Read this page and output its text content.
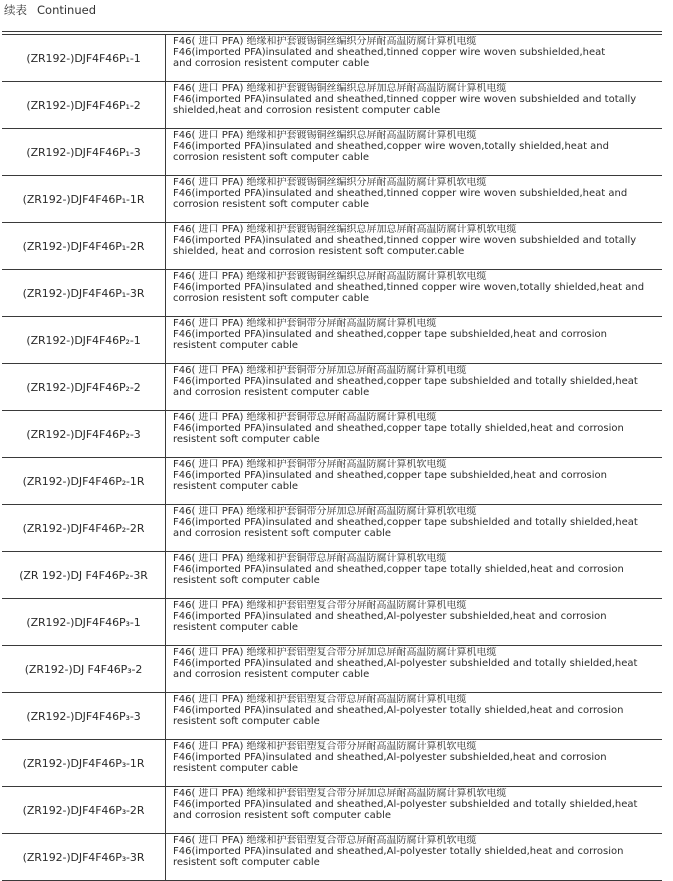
续表 Continued
(ZR192-)DJF4F46P₁-1	F46( 进口 PFA) 绝缘和护套镀锡铜丝编织分屏耐高温防腐计算机电缆
F46(imported PFA)insulated and sheathed,tinned copper wire woven subshielded,heat
and corrosion resistent computer cable

(ZR192-)DJF4F46P₁-2	F46( 进口 PFA) 绝缘和护套镀锡铜丝编织总屏加总屏耐高温防腐计算机电缆
F46(imported PFA)insulated and sheathed,tinned copper wire woven subshielded and totally
shielded,heat and corrosion resistent computer cable

(ZR192-)DJF4F46P₁-3	F46( 进口 PFA) 绝缘和护套镀锡铜丝编织总屏耐高温防腐计算机电缆
F46(imported PFA)insulated and sheathed,copper wire woven,totally shielded,heat and
corrosion resistent soft computer cable

(ZR192-)DJF4F46P₁-1R	F46( 进口 PFA) 绝缘和护套镀锡铜丝编织分屏耐高温防腐计算机软电缆
F46(imported PFA)insulated and sheathed,tinned copper wire woven subshielded,heat and
corrosion resistent soft computer cable

(ZR192-)DJF4F46P₁-2R	F46( 进口 PFA) 绝缘和护套镀锡铜丝编织总屏加总屏耐高温防腐计算机软电缆
F46(imported PFA)insulated and sheathed,tinned copper wire woven subshielded and totally
shielded, heat and corrosion resistent soft computer.cable

(ZR192-)DJF4F46P₁-3R	F46( 进口 PFA) 绝缘和护套镀锡铜丝编织总屏耐高温防腐计算机软电缆
F46(imported PFA)insulated and sheathed,tinned copper wire woven,totally shielded,heat and
corrosion resistent soft computer cable

(ZR192-)DJF4F46P₂-1	F46( 进口 PFA) 绝缘和护套铜带分屏耐高温防腐计算机电缆
F46(imported PFA)insulated and sheathed,copper tape subshielded,heat and corrosion
resistent computer cable

(ZR192-)DJF4F46P₂-2	F46( 进口 PFA) 绝缘和护套铜带分屏加总屏耐高温防腐计算机电缆
F46(imported PFA)insulated and sheathed,copper tape subshielded and totally shielded,heat
and corrosion resistent computer cable

(ZR192-)DJF4F46P₂-3	F46( 进口 PFA) 绝缘和护套铜带总屏耐高温防腐计算机电缆
F46(imported PFA)insulated and sheathed,copper tape totally shielded,heat and corrosion
resistent soft computer cable

(ZR192-)DJF4F46P₂-1R	F46( 进口 PFA) 绝缘和护套铜带分屏耐高温防腐计算机软电缆
F46(imported PFA)insulated and sheathed,copper tape subshielded,heat and corrosion
resistent computer cable

(ZR192-)DJF4F46P₂-2R	F46( 进口 PFA) 绝缘和护套铜带分屏加总屏耐高温防腐计算机软电缆
F46(imported PFA)insulated and sheathed,copper tape subshielded and totally shielded,heat
and corrosion resistent soft computer cable

(ZR 192-)DJ F4F46P₂-3R	F46( 进口 PFA) 绝缘和护套铜带总屏耐高温防腐计算机软电缆
F46(imported PFA)insulated and sheathed,copper tape totally shielded,heat and corrosion
resistent soft computer cable

(ZR192-)DJF4F46P₃-1	F46( 进口 PFA) 绝缘和护套铝塑复合带分屏耐高温防腐计算机电缆
F46(imported PFA)insulated and sheathed,Al-polyester subshielded,heat and corrosion
resistent computer cable

(ZR192-)DJ F4F46P₃-2	F46( 进口 PFA) 绝缘和护套铝塑复合带分屏加总屏耐高温防腐计算机电缆
F46(imported PFA)insulated and sheathed,Al-polyester subshielded and totally shielded,heat
and corrosion resistent computer cable

(ZR192-)DJF4F46P₃-3	F46( 进口 PFA) 绝缘和护套铝塑复合带总屏耐高温防腐计算机电缆
F46(imported PFA)insulated and sheathed,Al-polyester totally shielded,heat and corrosion
resistent soft computer cable

(ZR192-)DJF4F46P₃-1R	F46( 进口 PFA) 绝缘和护套铝塑复合带分屏耐高温防腐计算机软电缆
F46(imported PFA)insulated and sheathed,Al-polyester subshielded,heat and corrosion
resistent computer cable

(ZR192-)DJF4F46P₃-2R	F46( 进口 PFA) 绝缘和护套铝塑复合带分屏加总屏耐高温防腐计算机软电缆
F46(imported PFA)insulated and sheathed,Al-polyester subshielded and totally shielded,heat
and corrosion resistent soft computer cable

(ZR192-)DJF4F46P₃-3R	F46( 进口 PFA) 绝缘和护套铝塑复合带总屏耐高温防腐计算机软电缆
F46(imported PFA)insulated and sheathed,Al-polyester totally shielded,heat and corrosion
resistent soft computer cable
